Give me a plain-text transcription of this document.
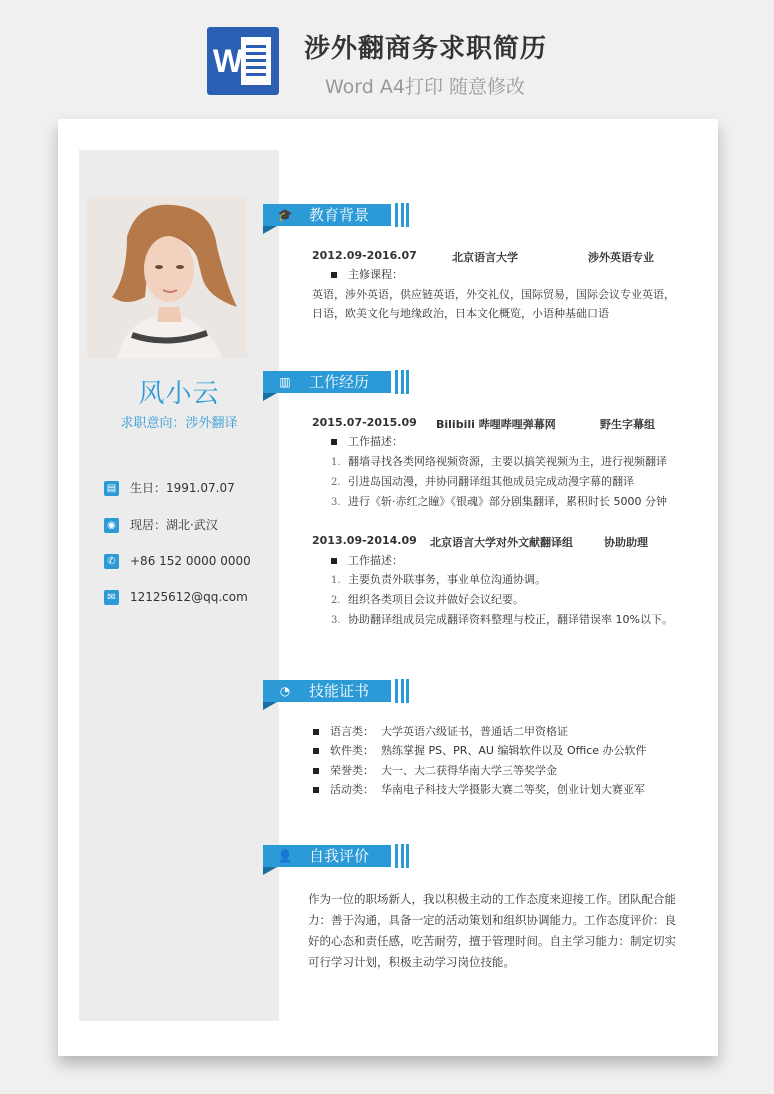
W 涉外翻商务求职简历
Word A4打印 随意修改
风小云
求职意向：涉外翻译
▤ 生日：1991.07.07
◉ 现居：湖北·武汉
✆ +86 152 0000 0000
✉ 12125612@qq.com
🎓 教育背景
2012.09-2016.07	北京语言大学	涉外英语专业
主修课程：
英语，涉外英语，供应链英语，外交礼仪，国际贸易，国际会议专业英语，
日语，欧美文化与地缘政治，日本文化概览，小语种基础口语
▥ 工作经历
2015.07-2015.09 Bilibili 哔哩哔哩弹幕网	野生字幕组
工作描述：
1. 翻墙寻找各类网络视频资源，主要以搞笑视频为主，进行视频翻译
2. 引进岛国动漫，并协同翻译组其他成员完成动漫字幕的翻译
3. 进行《斩·赤红之瞳》《银魂》部分剧集翻译，累积时长 5000 分钟
2013.09-2014.09 北京语言大学对外文献翻译组	协助助理
工作描述：
1. 主要负责外联事务，事业单位沟通协调。
2. 组织各类项目会议并做好会议纪要。
3. 协助翻译组成员完成翻译资料整理与校正，翻译错误率 10%以下。
◔ 技能证书
语言类： 大学英语六级证书，普通话二甲资格证
软件类： 熟练掌握 PS、PR、AU 编辑软件以及 Office 办公软件
荣誉类： 大一、大二获得华南大学三等奖学金
活动类： 华南电子科技大学摄影大赛二等奖，创业计划大赛亚军
👤 自我评价
作为一位的职场新人，我以积极主动的工作态度来迎接工作。团队配合能
力：善于沟通，具备一定的活动策划和组织协调能力。工作态度评价：良
好的心态和责任感，吃苦耐劳，擅于管理时间。自主学习能力：制定切实
可行学习计划，积极主动学习岗位技能。
